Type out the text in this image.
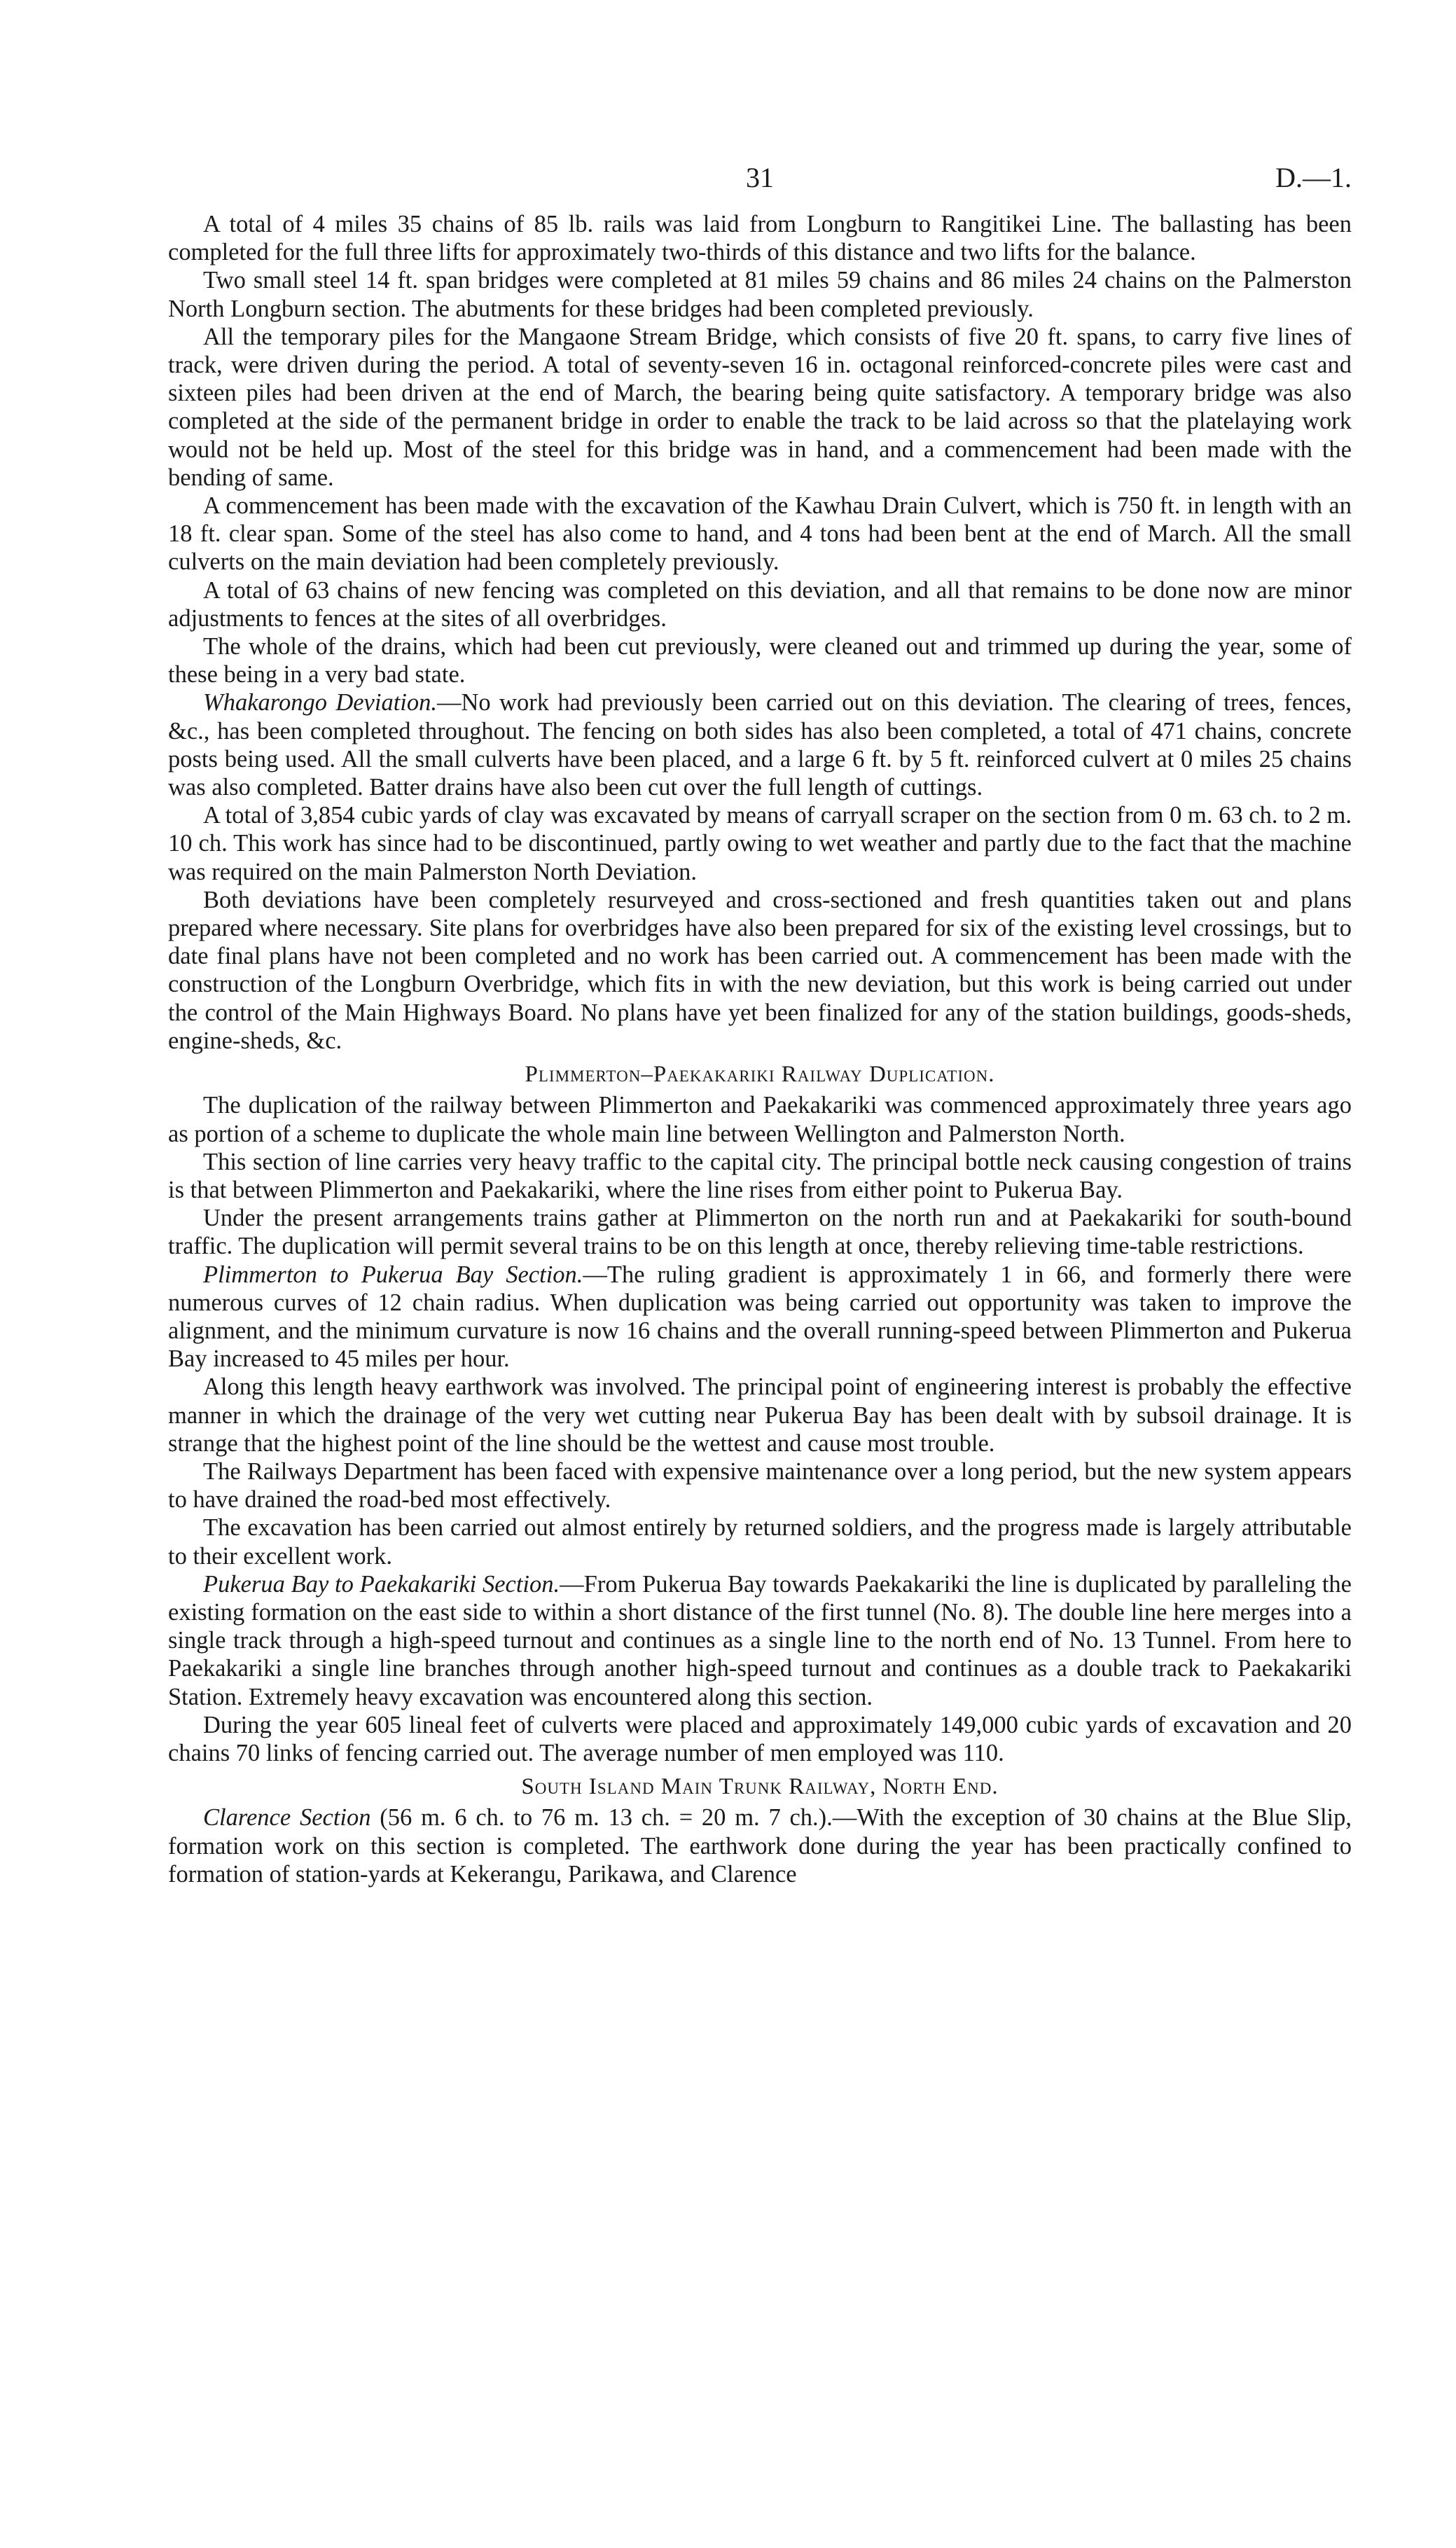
31	D.—1.

A total of 4 miles 35 chains of 85 lb. rails was laid from Longburn to Rangitikei Line. The ballasting has been completed for the full three lifts for approximately two-thirds of this distance and two lifts for the balance.

Two small steel 14 ft. span bridges were completed at 81 miles 59 chains and 86 miles 24 chains on the Palmerston North Longburn section. The abutments for these bridges had been completed previously.

All the temporary piles for the Mangaone Stream Bridge, which consists of five 20 ft. spans, to carry five lines of track, were driven during the period. A total of seventy-seven 16 in. octagonal reinforced-concrete piles were cast and sixteen piles had been driven at the end of March, the bearing being quite satisfactory. A temporary bridge was also completed at the side of the permanent bridge in order to enable the track to be laid across so that the platelaying work would not be held up. Most of the steel for this bridge was in hand, and a commencement had been made with the bending of same.

A commencement has been made with the excavation of the Kawhau Drain Culvert, which is 750 ft. in length with an 18 ft. clear span. Some of the steel has also come to hand, and 4 tons had been bent at the end of March. All the small culverts on the main deviation had been completely previously.

A total of 63 chains of new fencing was completed on this deviation, and all that remains to be done now are minor adjustments to fences at the sites of all overbridges.

The whole of the drains, which had been cut previously, were cleaned out and trimmed up during the year, some of these being in a very bad state.

Whakarongo Deviation.—No work had previously been carried out on this deviation. The clearing of trees, fences, &c., has been completed throughout. The fencing on both sides has also been completed, a total of 471 chains, concrete posts being used. All the small culverts have been placed, and a large 6 ft. by 5 ft. reinforced culvert at 0 miles 25 chains was also completed. Batter drains have also been cut over the full length of cuttings.

A total of 3,854 cubic yards of clay was excavated by means of carryall scraper on the section from 0 m. 63 ch. to 2 m. 10 ch. This work has since had to be discontinued, partly owing to wet weather and partly due to the fact that the machine was required on the main Palmerston North Deviation.

Both deviations have been completely resurveyed and cross-sectioned and fresh quantities taken out and plans prepared where necessary. Site plans for overbridges have also been prepared for six of the existing level crossings, but to date final plans have not been completed and no work has been carried out. A commencement has been made with the construction of the Longburn Overbridge, which fits in with the new deviation, but this work is being carried out under the control of the Main Highways Board. No plans have yet been finalized for any of the station buildings, goods-sheds, engine-sheds, &c.

Plimmerton–Paekakariki Railway Duplication.

The duplication of the railway between Plimmerton and Paekakariki was commenced approximately three years ago as portion of a scheme to duplicate the whole main line between Wellington and Palmerston North.

This section of line carries very heavy traffic to the capital city. The principal bottle neck causing congestion of trains is that between Plimmerton and Paekakariki, where the line rises from either point to Pukerua Bay.

Under the present arrangements trains gather at Plimmerton on the north run and at Paekakariki for south-bound traffic. The duplication will permit several trains to be on this length at once, thereby relieving time-table restrictions.

Plimmerton to Pukerua Bay Section.—The ruling gradient is approximately 1 in 66, and formerly there were numerous curves of 12 chain radius. When duplication was being carried out opportunity was taken to improve the alignment, and the minimum curvature is now 16 chains and the overall running-speed between Plimmerton and Pukerua Bay increased to 45 miles per hour.

Along this length heavy earthwork was involved. The principal point of engineering interest is probably the effective manner in which the drainage of the very wet cutting near Pukerua Bay has been dealt with by subsoil drainage. It is strange that the highest point of the line should be the wettest and cause most trouble.

The Railways Department has been faced with expensive maintenance over a long period, but the new system appears to have drained the road-bed most effectively.

The excavation has been carried out almost entirely by returned soldiers, and the progress made is largely attributable to their excellent work.

Pukerua Bay to Paekakariki Section.—From Pukerua Bay towards Paekakariki the line is duplicated by paralleling the existing formation on the east side to within a short distance of the first tunnel (No. 8). The double line here merges into a single track through a high-speed turnout and continues as a single line to the north end of No. 13 Tunnel. From here to Paekakariki a single line branches through another high-speed turnout and continues as a double track to Paekakariki Station. Extremely heavy excavation was encountered along this section.

During the year 605 lineal feet of culverts were placed and approximately 149,000 cubic yards of excavation and 20 chains 70 links of fencing carried out. The average number of men employed was 110.

South Island Main Trunk Railway, North End.

Clarence Section (56 m. 6 ch. to 76 m. 13 ch. = 20 m. 7 ch.).—With the exception of 30 chains at the Blue Slip, formation work on this section is completed. The earthwork done during the year has been practically confined to formation of station-yards at Kekerangu, Parikawa, and Clarence
